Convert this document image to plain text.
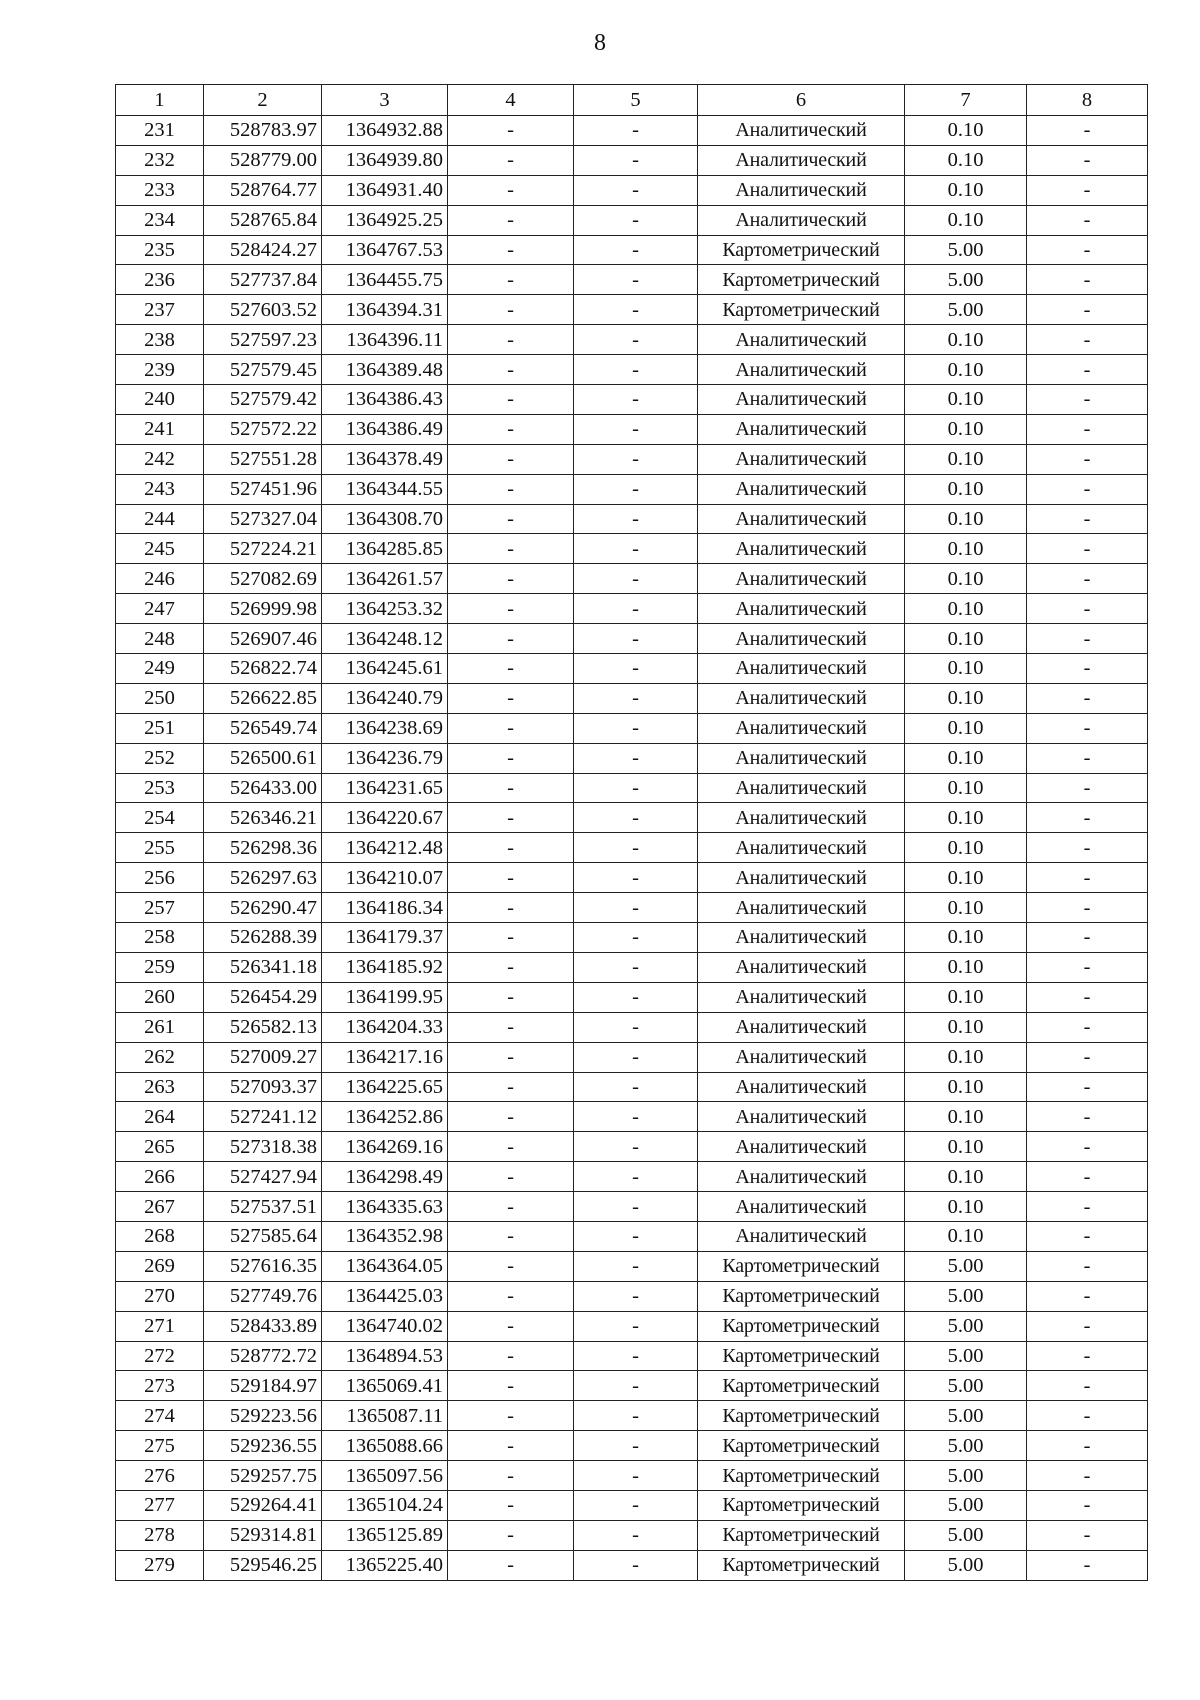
8
1	2	3	4	5	6	7	8
231	528783.97	1364932.88	-	-	Аналитический	0.10	-
232	528779.00	1364939.80	-	-	Аналитический	0.10	-
233	528764.77	1364931.40	-	-	Аналитический	0.10	-
234	528765.84	1364925.25	-	-	Аналитический	0.10	-
235	528424.27	1364767.53	-	-	Картометрический	5.00	-
236	527737.84	1364455.75	-	-	Картометрический	5.00	-
237	527603.52	1364394.31	-	-	Картометрический	5.00	-
238	527597.23	1364396.11	-	-	Аналитический	0.10	-
239	527579.45	1364389.48	-	-	Аналитический	0.10	-
240	527579.42	1364386.43	-	-	Аналитический	0.10	-
241	527572.22	1364386.49	-	-	Аналитический	0.10	-
242	527551.28	1364378.49	-	-	Аналитический	0.10	-
243	527451.96	1364344.55	-	-	Аналитический	0.10	-
244	527327.04	1364308.70	-	-	Аналитический	0.10	-
245	527224.21	1364285.85	-	-	Аналитический	0.10	-
246	527082.69	1364261.57	-	-	Аналитический	0.10	-
247	526999.98	1364253.32	-	-	Аналитический	0.10	-
248	526907.46	1364248.12	-	-	Аналитический	0.10	-
249	526822.74	1364245.61	-	-	Аналитический	0.10	-
250	526622.85	1364240.79	-	-	Аналитический	0.10	-
251	526549.74	1364238.69	-	-	Аналитический	0.10	-
252	526500.61	1364236.79	-	-	Аналитический	0.10	-
253	526433.00	1364231.65	-	-	Аналитический	0.10	-
254	526346.21	1364220.67	-	-	Аналитический	0.10	-
255	526298.36	1364212.48	-	-	Аналитический	0.10	-
256	526297.63	1364210.07	-	-	Аналитический	0.10	-
257	526290.47	1364186.34	-	-	Аналитический	0.10	-
258	526288.39	1364179.37	-	-	Аналитический	0.10	-
259	526341.18	1364185.92	-	-	Аналитический	0.10	-
260	526454.29	1364199.95	-	-	Аналитический	0.10	-
261	526582.13	1364204.33	-	-	Аналитический	0.10	-
262	527009.27	1364217.16	-	-	Аналитический	0.10	-
263	527093.37	1364225.65	-	-	Аналитический	0.10	-
264	527241.12	1364252.86	-	-	Аналитический	0.10	-
265	527318.38	1364269.16	-	-	Аналитический	0.10	-
266	527427.94	1364298.49	-	-	Аналитический	0.10	-
267	527537.51	1364335.63	-	-	Аналитический	0.10	-
268	527585.64	1364352.98	-	-	Аналитический	0.10	-
269	527616.35	1364364.05	-	-	Картометрический	5.00	-
270	527749.76	1364425.03	-	-	Картометрический	5.00	-
271	528433.89	1364740.02	-	-	Картометрический	5.00	-
272	528772.72	1364894.53	-	-	Картометрический	5.00	-
273	529184.97	1365069.41	-	-	Картометрический	5.00	-
274	529223.56	1365087.11	-	-	Картометрический	5.00	-
275	529236.55	1365088.66	-	-	Картометрический	5.00	-
276	529257.75	1365097.56	-	-	Картометрический	5.00	-
277	529264.41	1365104.24	-	-	Картометрический	5.00	-
278	529314.81	1365125.89	-	-	Картометрический	5.00	-
279	529546.25	1365225.40	-	-	Картометрический	5.00	-
